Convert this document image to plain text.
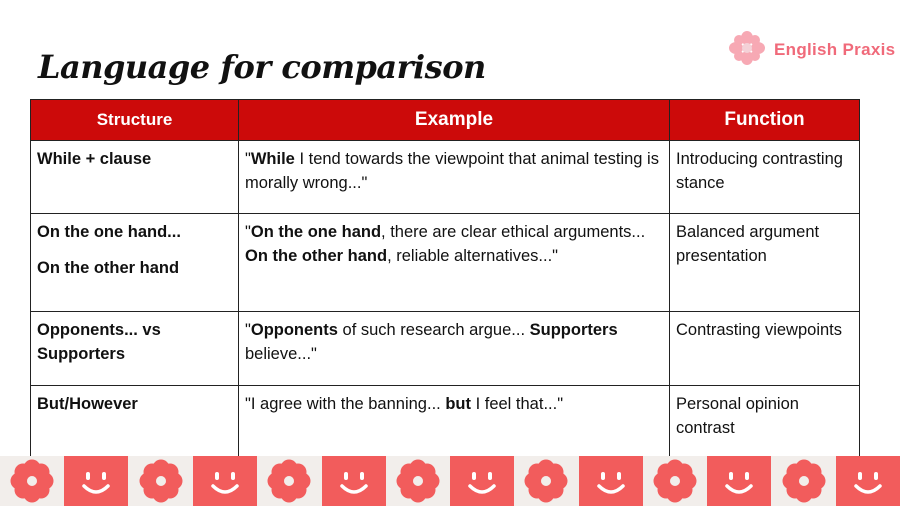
Language for comparison	English Praxis
Structure	Example	Function

While + clause	"While I tend towards the viewpoint that animal testing is morally wrong..."	Introducing contrasting stance

On the one hand...
On the other hand	"On the one hand, there are clear ethical arguments... On the other hand, reliable alternatives..."	Balanced argument presentation

Opponents... vs Supporters	"Opponents of such research argue... Supporters believe..."	Contrasting viewpoints

But/However	"I agree with the banning... but I feel that..."	Personal opinion contrast
